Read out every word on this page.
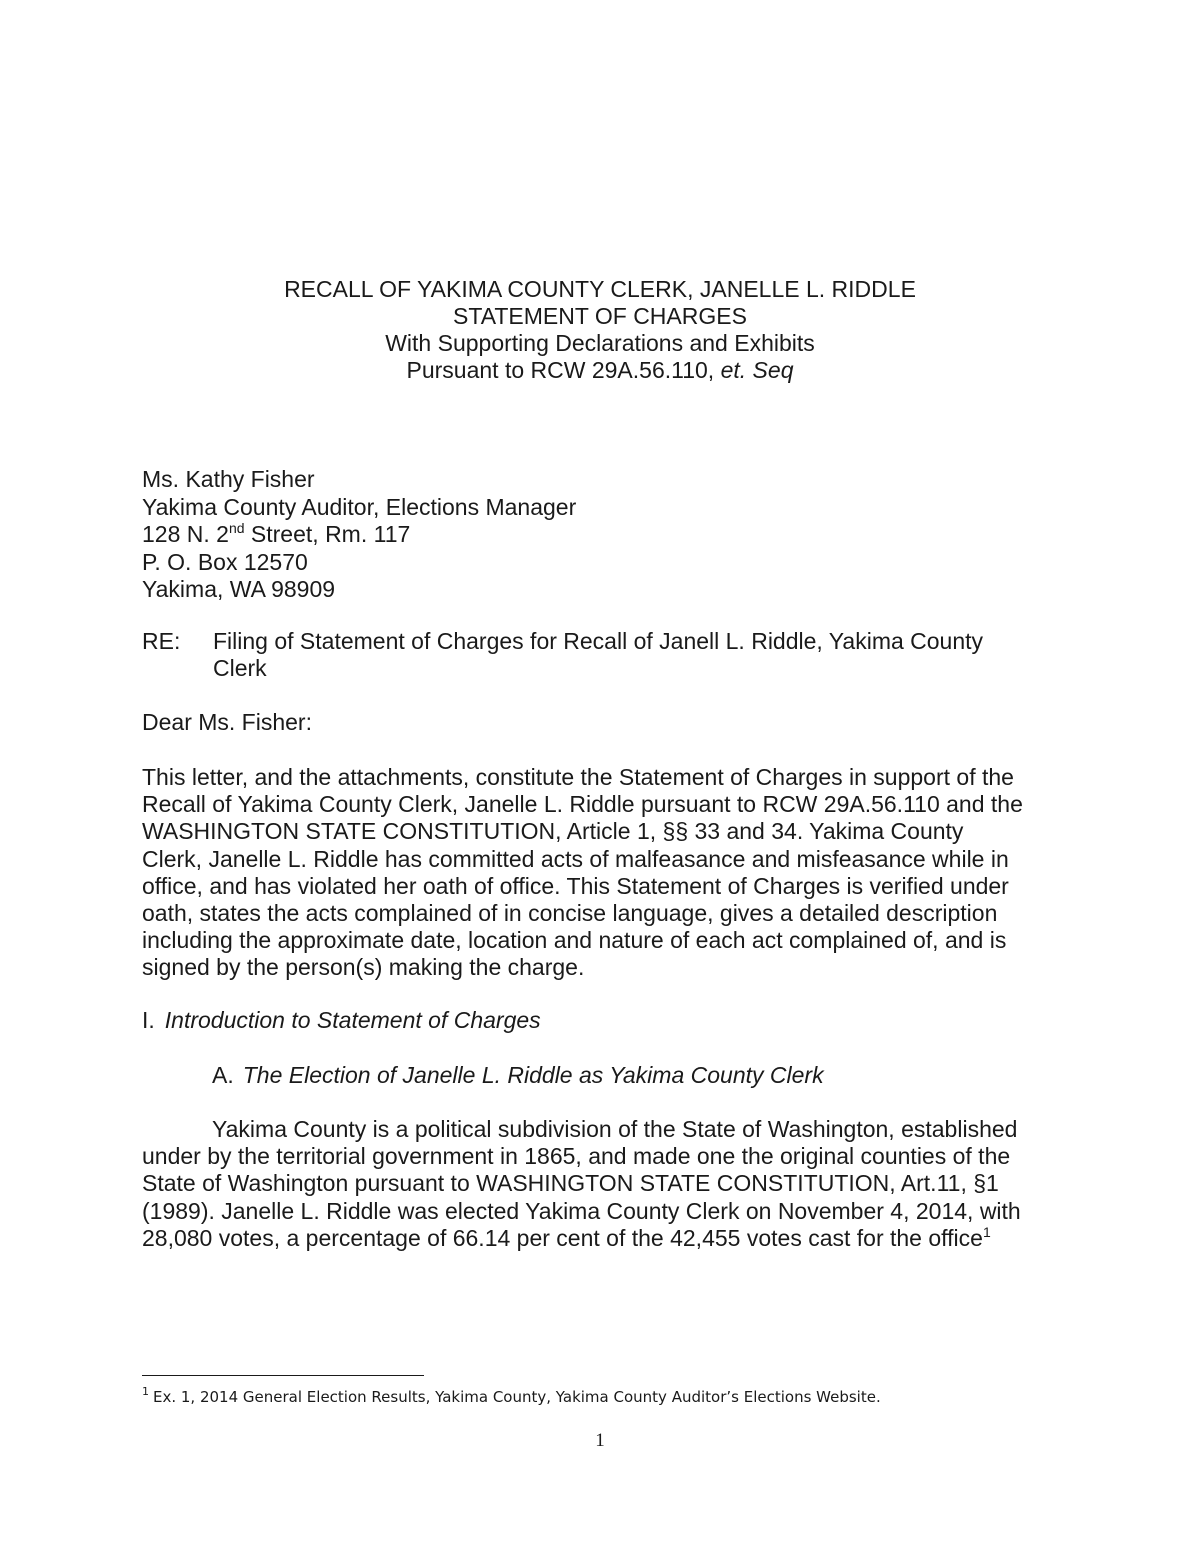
RECALL OF YAKIMA COUNTY CLERK, JANELLE L. RIDDLE
STATEMENT OF CHARGES
With Supporting Declarations and Exhibits
Pursuant to RCW 29A.56.110, et. Seq
Ms. Kathy Fisher
Yakima County Auditor, Elections Manager
128 N. 2nd Street, Rm. 117
P. O. Box 12570
Yakima, WA 98909
RE: Filing of Statement of Charges for Recall of Janell L. Riddle, Yakima County Clerk
Dear Ms. Fisher:
This letter, and the attachments, constitute the Statement of Charges in support of the
Recall of Yakima County Clerk, Janelle L. Riddle pursuant to RCW 29A.56.110 and the
WASHINGTON STATE CONSTITUTION, Article 1, §§ 33 and 34. Yakima County
Clerk, Janelle L. Riddle has committed acts of malfeasance and misfeasance while in
office, and has violated her oath of office. This Statement of Charges is verified under
oath, states the acts complained of in concise language, gives a detailed description
including the approximate date, location and nature of each act complained of, and is
signed by the person(s) making the charge.
I. Introduction to Statement of Charges
A. The Election of Janelle L. Riddle as Yakima County Clerk
Yakima County is a political subdivision of the State of Washington, established
under by the territorial government in 1865, and made one the original counties of the
State of Washington pursuant to WASHINGTON STATE CONSTITUTION, Art.11, §1
(1989). Janelle L. Riddle was elected Yakima County Clerk on November 4, 2014, with
28,080 votes, a percentage of 66.14 per cent of the 42,455 votes cast for the office$^1$
$^1$ Ex. 1, 2014 General Election Results, Yakima County, Yakima County Auditor’s Elections Website.
1
